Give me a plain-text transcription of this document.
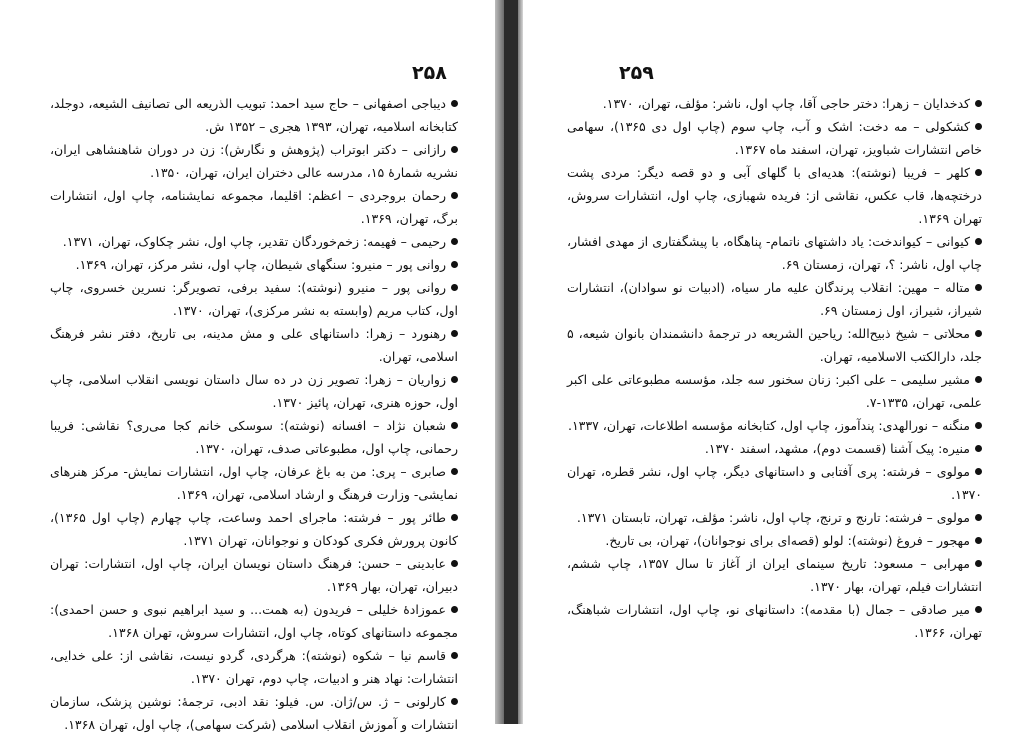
۲۵۸
دیباجی اصفهانی – حاج سید احمد: تبویب الذریعه الی تصانیف الشیعه، دوجلد، کتابخانه اسلامیه، تهران، ۱۳۹۳ هجری – ۱۳۵۲ ش.
رازانی – دکتر ابوتراب (پژوهش و نگارش): زن در دوران شاهنشاهی ایران، نشریه شمارهٔ ۱۵، مدرسه عالی دختران ایران، تهران، ۱۳۵۰.
رحمان بروجردی – اعظم: اقلیما، مجموعه نمایشنامه، چاپ اول، انتشارات برگ، تهران، ۱۳۶۹.
رحیمی – فهیمه: زخم‌خوردگان تقدیر، چاپ اول، نشر چکاوک، تهران، ۱۳۷۱.
روانی پور – منیرو: سنگهای شیطان، چاپ اول، نشر مرکز، تهران، ۱۳۶۹.
روانی پور – منیرو (نوشته): سفید برفی، تصویرگر: نسرین خسروی، چاپ اول، کتاب مریم (وابسته به نشر مرکزی)، تهران، ۱۳۷۰.
رهنورد – زهرا: داستانهای علی و مش مدینه، بی تاریخ، دفتر نشر فرهنگ اسلامی، تهران.
زواریان – زهرا: تصویر زن در ده سال داستان نویسی انقلاب اسلامی، چاپ اول، حوزه هنری، تهران، پائیز ۱۳۷۰.
شعبان نژاد – افسانه (نوشته): سوسکی خانم کجا می‌ری؟ نقاشی: فریبا رحمانی، چاپ اول، مطبوعاتی صدف، تهران، ۱۳۷۰.
صابری – پری: من به باغ عرفان، چاپ اول، انتشارات نمایش- مرکز هنرهای نمایشی- وزارت فرهنگ و ارشاد اسلامی، تهران، ۱۳۶۹.
طائر پور – فرشته: ماجرای احمد وساعت، چاپ چهارم (چاپ اول ۱۳۶۵)، کانون پرورش فکری کودکان و نوجوانان، تهران ۱۳۷۱.
عابدینی – حسن: فرهنگ داستان نویسان ایران، چاپ اول، انتشارات: تهران دبیران، تهران، بهار ۱۳۶۹.
عموزادهٔ خلیلی – فریدون (به همت... و سید ابراهیم نبوی و حسن احمدی): مجموعه داستانهای کوتاه، چاپ اول، انتشارات سروش، تهران ۱۳۶۸.
قاسم نیا – شکوه (نوشته): هرگردی، گردو نیست، نقاشی از: علی خدایی، انتشارات: نهاد هنر و ادبیات، چاپ دوم، تهران ۱۳۷۰.
کارلونی – ژ. س/ژان. س. فیلو: نقد ادبی، ترجمهٔ: نوشین پزشک، سازمان انتشارات و آموزش انقلاب اسلامی (شرکت سهامی)، چاپ اول، تهران ۱۳۶۸.
۲۵۹
کدخدایان – زهرا: دختر حاجی آقا، چاپ اول، ناشر: مؤلف، تهران، ۱۳۷۰.
کشکولی – مه دخت: اشک و آب، چاپ سوم (چاپ اول دی ۱۳۶۵)، سهامی خاص انتشارات شباویز، تهران، اسفند ماه ۱۳۶۷.
کلهر – فریبا (نوشته): هدیه‌ای با گلهای آبی و دو قصه دیگر: مردی پشت درختچه‌ها، قاب عکس، نقاشی از: فریده شهبازی، چاپ اول، انتشارات سروش، تهران ۱۳۶۹.
کیوانی – کیواندخت: یاد داشتهای ناتمام- پناهگاه، با پیشگفتاری از مهدی افشار، چاپ اول، ناشر: ؟، تهران، زمستان ۶۹.
متاله – مهین: انقلاب پرندگان علیه مار سیاه، (ادبیات نو سوادان)، انتشارات شیراز، شیراز، اول زمستان ۶۹.
محلاتی – شیخ ذبیح‌الله: ریاحین الشریعه در ترجمهٔ دانشمندان بانوان شیعه، ۵ جلد، دارالکتب الاسلامیه، تهران.
مشیر سلیمی – علی اکبر: زنان سخنور سه جلد، مؤسسه مطبوعاتی علی اکبر علمی، تهران، ۱۳۳۵-۷.
منگنه – نورالهدی: پندآموز، چاپ اول، کتابخانه مؤسسه اطلاعات، تهران، ۱۳۳۷.
منیره: پیک آشنا (قسمت دوم)، مشهد، اسفند ۱۳۷۰.
مولوی – فرشته: پری آفتابی و داستانهای دیگر، چاپ اول، نشر قطره، تهران ۱۳۷۰.
مولوی – فرشته: تارنج و ترنج، چاپ اول، ناشر: مؤلف، تهران، تابستان ۱۳۷۱.
مهجور – فروغ (نوشته): لولو (قصه‌ای برای نوجوانان)، تهران، بی تاریخ.
مهرابی – مسعود: تاریخ سینمای ایران از آغاز تا سال ۱۳۵۷، چاپ ششم، انتشارات فیلم، تهران، بهار ۱۳۷۰.
میر صادقی – جمال (با مقدمه): داستانهای نو، چاپ اول، انتشارات شباهنگ، تهران، ۱۳۶۶.
